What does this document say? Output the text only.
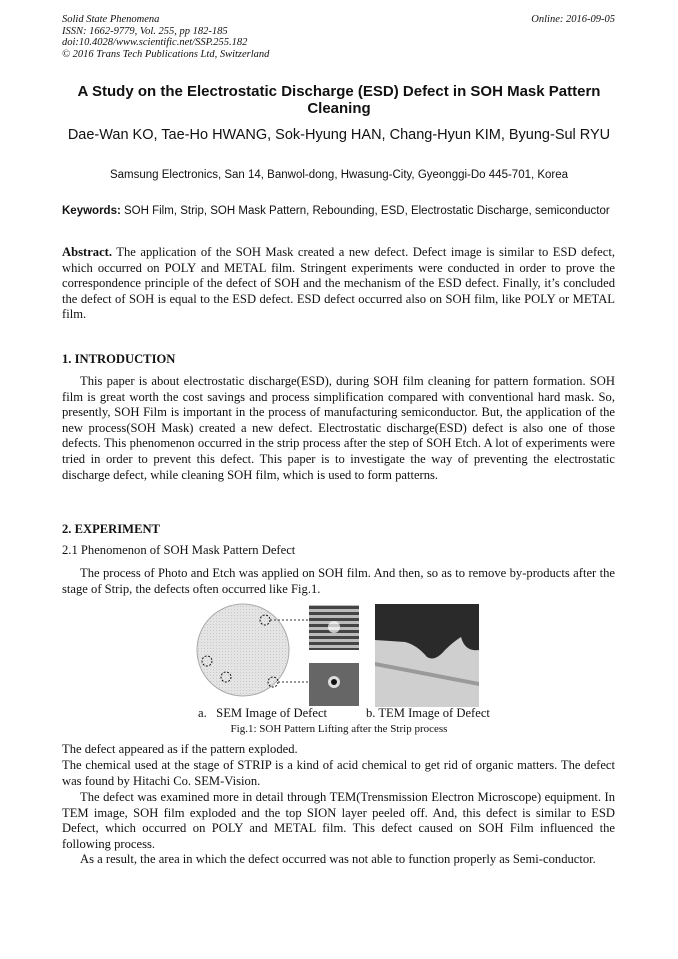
Solid State Phenomena
ISSN: 1662-9779, Vol. 255, pp 182-185
doi:10.4028/www.scientific.net/SSP.255.182
© 2016 Trans Tech Publications Ltd, Switzerland
Online: 2016-09-05
A Study on the Electrostatic Discharge (ESD) Defect in SOH Mask Pattern Cleaning
Dae-Wan KO, Tae-Ho HWANG, Sok-Hyung HAN, Chang-Hyun KIM, Byung-Sul RYU
Samsung Electronics, San 14, Banwol-dong, Hwasung-City, Gyeonggi-Do 445-701, Korea
Keywords: SOH Film, Strip, SOH Mask Pattern, Rebounding, ESD, Electrostatic Discharge, semiconductor

Abstract. The application of the SOH Mask created a new defect. Defect image is similar to ESD defect, which occurred on POLY and METAL film. Stringent experiments were conducted in order to prove the correspondence principle of the defect of SOH and the mechanism of the ESD defect. Finally, it’s concluded the defect of SOH is equal to the ESD defect. ESD defect occurred also on SOH film, like POLY or METAL film.

1. INTRODUCTION

This paper is about electrostatic discharge(ESD), during SOH film cleaning for pattern formation. SOH film is great worth the cost savings and process simplification compared with conventional hard mask. So, presently, SOH Film is important in the process of manufacturing semiconductor. But, the application of the new process(SOH Mask) created a new defect. Electrostatic discharge(ESD) defect is also one of those defects. This phenomenon occurred in the strip process after the step of SOH Etch. A lot of experiments were tried in order to prevent this defect. This paper is to investigate the way of preventing the electrostatic discharge defect, while cleaning SOH film, which is used to form patterns.

2. EXPERIMENT
2.1 Phenomenon of SOH Mask Pattern Defect

The process of Photo and Etch was applied on SOH film. And then, so as to remove by-products after the stage of Strip, the defects often occurred like Fig.1.

a.   SEM Image of Defect	b. TEM Image of Defect
Fig.1: SOH Pattern Lifting after the Strip process

The defect appeared as if the pattern exploded.

The chemical used at the stage of STRIP is a kind of acid chemical to get rid of organic matters. The defect was found by Hitachi Co. SEM-Vision.

The defect was examined more in detail through TEM(Trensmission Electron Microscope) equipment. In TEM image, SOH film exploded and the top SION layer peeled off. And, this defect is similar to ESD Defect, which occurred on POLY and METAL film. This defect caused on SOH Film influenced the following process.

As a result, the area in which the defect occurred was not able to function properly as Semi-conductor.
